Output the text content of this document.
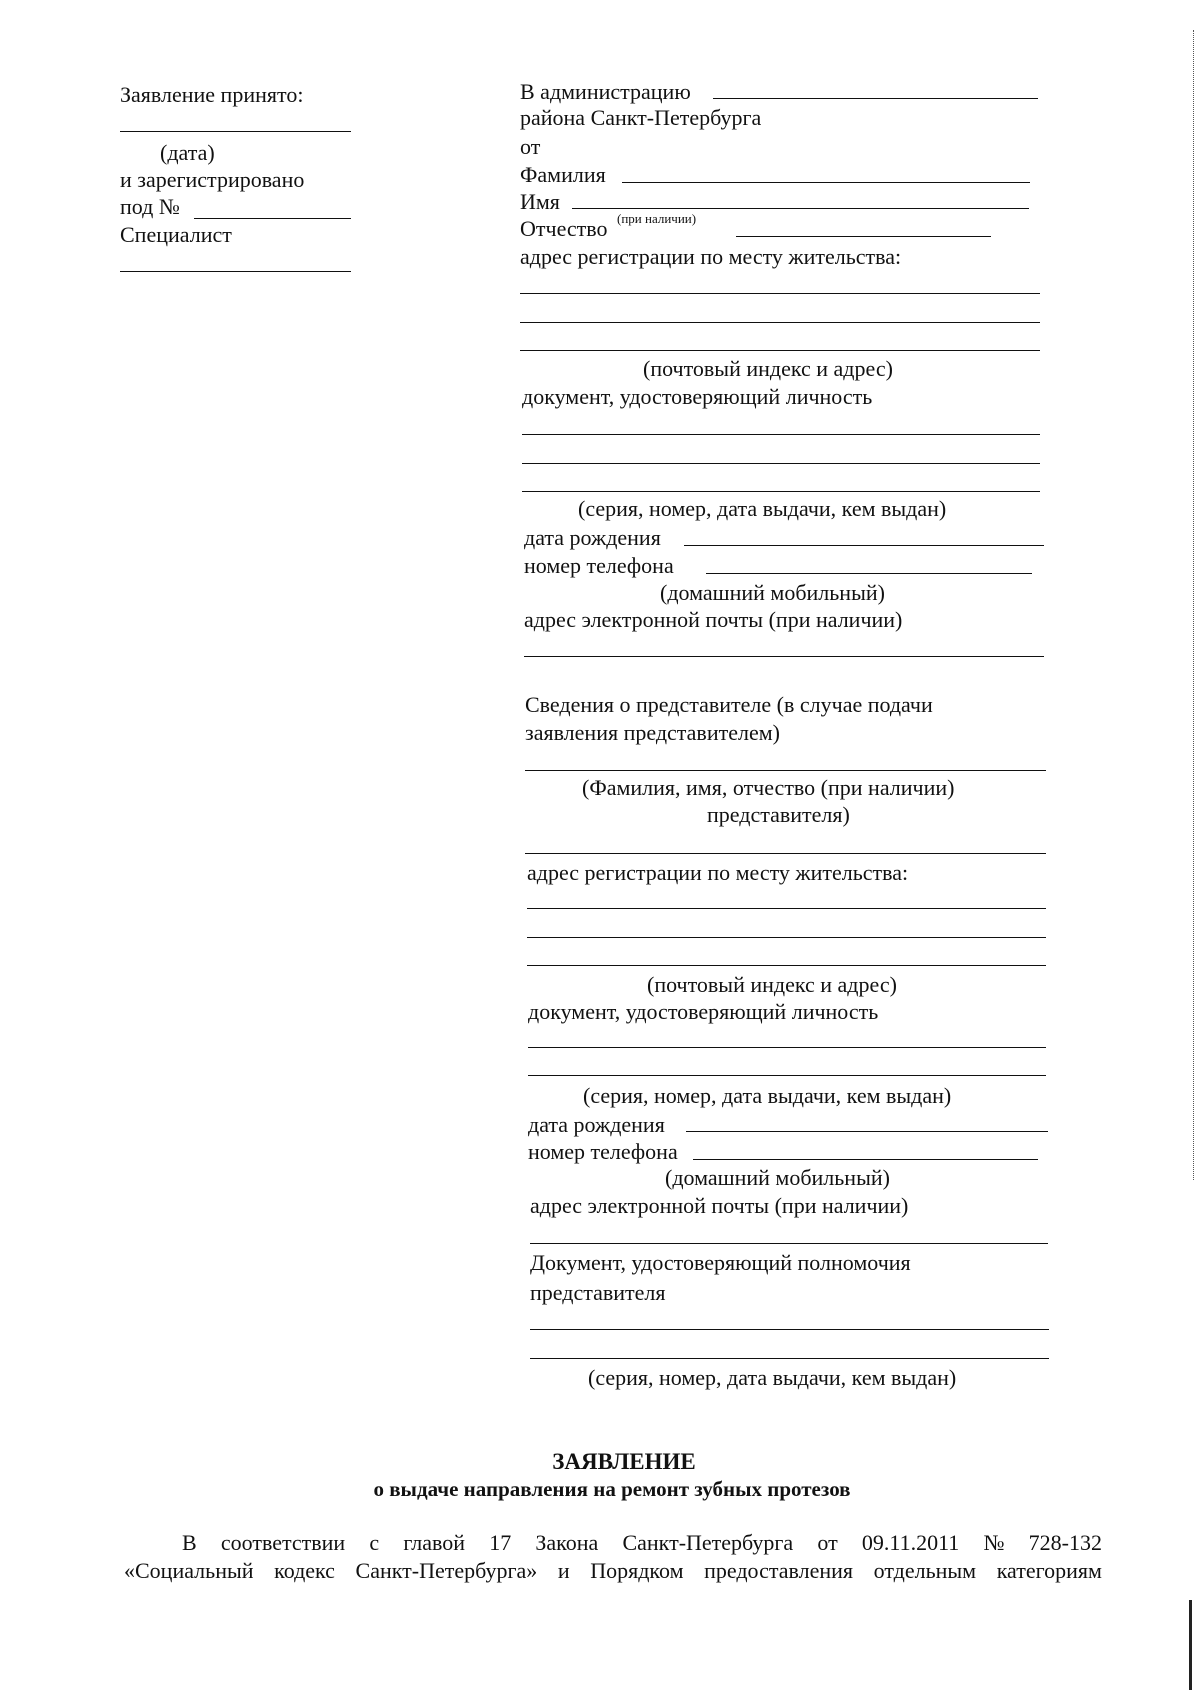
Заявление принято:
(дата)
и зарегистрировано
под №
Специалист
В администрацию
района Санкт-Петербурга
от
Фамилия
Имя
Отчество (при наличии)
адрес регистрации по месту жительства:
(почтовый индекс и адрес)
документ, удостоверяющий личность
(серия, номер, дата выдачи, кем выдан)
дата рождения
номер телефона
(домашний мобильный)
адрес электронной почты (при наличии)
Сведения о представителе (в случае подачи
заявления представителем)
(Фамилия, имя, отчество (при наличии)
представителя)
адрес регистрации по месту жительства:
(почтовый индекс и адрес)
документ, удостоверяющий личность
(серия, номер, дата выдачи, кем выдан)
дата рождения
номер телефона
(домашний мобильный)
адрес электронной почты (при наличии)
Документ, удостоверяющий полномочия
представителя
(серия, номер, дата выдачи, кем выдан)
ЗАЯВЛЕНИЕ
о выдаче направления на ремонт зубных протезов
В соответствии с главой 17 Закона Санкт-Петербурга от 09.11.2011 № 728-132
«Социальный кодекс Санкт-Петербурга» и Порядком предоставления отдельным категориям
